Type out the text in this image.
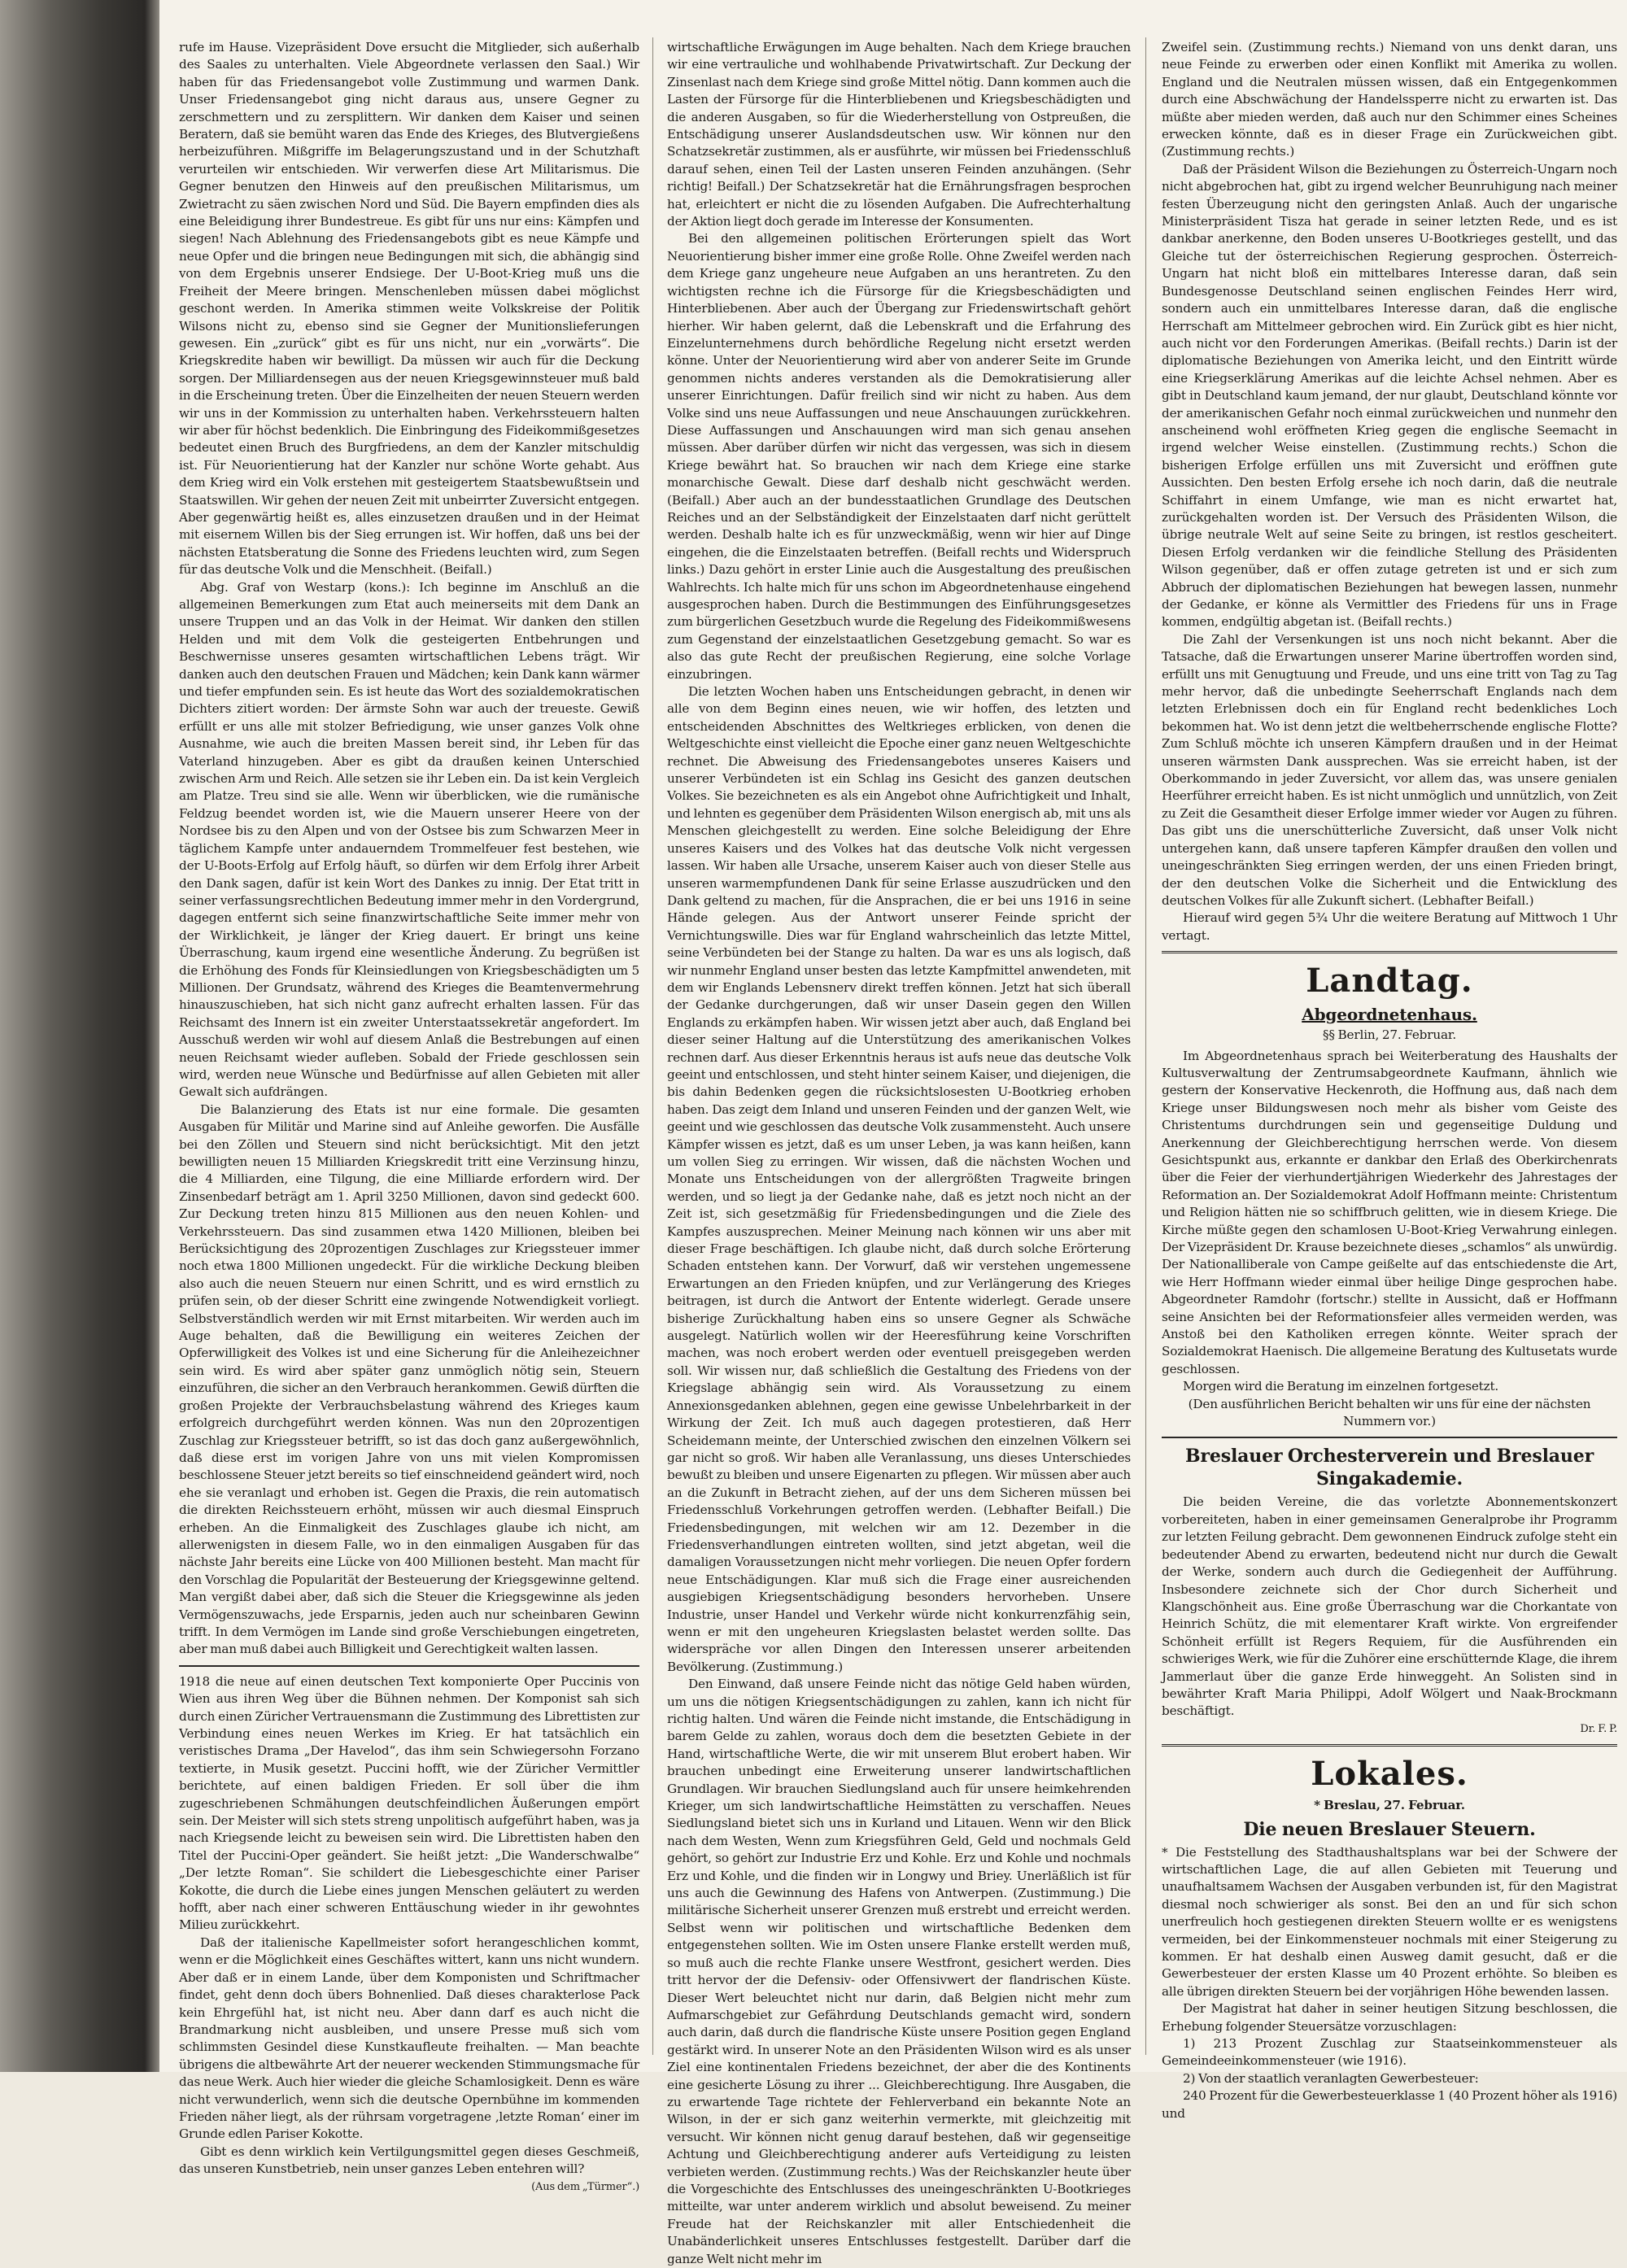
rufe im Hause. Vizepräsident Dove ersucht die Mitglieder, sich außerhalb des Saales zu unterhalten. Viele Abgeordnete verlassen den Saal.) Wir haben für das Friedensangebot volle Zustimmung und warmen Dank. Unser Friedensangebot ging nicht daraus aus, unsere Gegner zu zerschmettern und zu zersplittern. Wir danken dem Kaiser und seinen Beratern, daß sie bemüht waren das Ende des Krieges, des Blutvergießens herbeizuführen. Mißgriffe im Belagerungszustand und in der Schutzhaft verurteilen wir entschieden. Wir verwerfen diese Art Militarismus. Die Gegner benutzen den Hinweis auf den preußischen Militarismus, um Zwietracht zu säen zwischen Nord und Süd. Die Bayern empfinden dies als eine Beleidigung ihrer Bundestreue. Es gibt für uns nur eins: Kämpfen und siegen! Nach Ablehnung des Friedensangebots gibt es neue Kämpfe und neue Opfer und die bringen neue Bedingungen mit sich, die abhängig sind von dem Ergebnis unserer Endsiege. Der U-Boot-Krieg muß uns die Freiheit der Meere bringen. Menschenleben müssen dabei möglichst geschont werden. In Amerika stimmen weite Volkskreise der Politik Wilsons nicht zu, ebenso sind sie Gegner der Munitionslieferungen gewesen. Ein „zurück“ gibt es für uns nicht, nur ein „vorwärts“. Die Kriegskredite haben wir bewilligt. Da müssen wir auch für die Deckung sorgen. Der Milliardensegen aus der neuen Kriegsgewinnsteuer muß bald in die Erscheinung treten. Über die Einzelheiten der neuen Steuern werden wir uns in der Kommission zu unterhalten haben. Verkehrssteuern halten wir aber für höchst bedenklich. Die Einbringung des Fideikommißgesetzes bedeutet einen Bruch des Burgfriedens, an dem der Kanzler mitschuldig ist. Für Neuorientierung hat der Kanzler nur schöne Worte gehabt. Aus dem Krieg wird ein Volk erstehen mit gesteigertem Staatsbewußtsein und Staatswillen. Wir gehen der neuen Zeit mit unbeirrter Zuversicht entgegen. Aber gegenwärtig heißt es, alles einzusetzen draußen und in der Heimat mit eisernem Willen bis der Sieg errungen ist. Wir hoffen, daß uns bei der nächsten Etatsberatung die Sonne des Friedens leuchten wird, zum Segen für das deutsche Volk und die Menschheit. (Beifall.)

Abg. Graf von Westarp (kons.): Ich beginne im Anschluß an die allgemeinen Bemerkungen zum Etat auch meinerseits mit dem Dank an unsere Truppen und an das Volk in der Heimat. Wir danken den stillen Helden und mit dem Volk die gesteigerten Entbehrungen und Beschwernisse unseres gesamten wirtschaftlichen Lebens trägt. Wir danken auch den deutschen Frauen und Mädchen; kein Dank kann wärmer und tiefer empfunden sein. Es ist heute das Wort des sozialdemokratischen Dichters zitiert worden: Der ärmste Sohn war auch der treueste. Gewiß erfüllt er uns alle mit stolzer Befriedigung, wie unser ganzes Volk ohne Ausnahme, wie auch die breiten Massen bereit sind, ihr Leben für das Vaterland hinzugeben. Aber es gibt da draußen keinen Unterschied zwischen Arm und Reich. Alle setzen sie ihr Leben ein. Da ist kein Vergleich am Platze. Treu sind sie alle. Wenn wir überblicken, wie die rumänische Feldzug beendet worden ist, wie die Mauern unserer Heere von der Nordsee bis zu den Alpen und von der Ostsee bis zum Schwarzen Meer in täglichem Kampfe unter andauerndem Trommelfeuer fest bestehen, wie der U-Boots-Erfolg auf Erfolg häuft, so dürfen wir dem Erfolg ihrer Arbeit den Dank sagen, dafür ist kein Wort des Dankes zu innig. Der Etat tritt in seiner verfassungsrechtlichen Bedeutung immer mehr in den Vordergrund, dagegen entfernt sich seine finanzwirtschaftliche Seite immer mehr von der Wirklichkeit, je länger der Krieg dauert. Er bringt uns keine Überraschung, kaum irgend eine wesentliche Änderung. Zu begrüßen ist die Erhöhung des Fonds für Kleinsiedlungen von Kriegsbeschädigten um 5 Millionen. Der Grundsatz, während des Krieges die Beamtenvermehrung hinauszuschieben, hat sich nicht ganz aufrecht erhalten lassen. Für das Reichsamt des Innern ist ein zweiter Unterstaatssekretär angefordert. Im Ausschuß werden wir wohl auf diesem Anlaß die Bestrebungen auf einen neuen Reichsamt wieder aufleben. Sobald der Friede geschlossen sein wird, werden neue Wünsche und Bedürfnisse auf allen Gebieten mit aller Gewalt sich aufdrängen.

Die Balanzierung des Etats ist nur eine formale. Die gesamten Ausgaben für Militär und Marine sind auf Anleihe geworfen. Die Ausfälle bei den Zöllen und Steuern sind nicht berücksichtigt. Mit den jetzt bewilligten neuen 15 Milliarden Kriegskredit tritt eine Verzinsung hinzu, die 4 Milliarden, eine Tilgung, die eine Milliarde erfordern wird. Der Zinsenbedarf beträgt am 1. April 3250 Millionen, davon sind gedeckt 600. Zur Deckung treten hinzu 815 Millionen aus den neuen Kohlen- und Verkehrssteuern. Das sind zusammen etwa 1420 Millionen, bleiben bei Berücksichtigung des 20prozentigen Zuschlages zur Kriegssteuer immer noch etwa 1800 Millionen ungedeckt. Für die wirkliche Deckung bleiben also auch die neuen Steuern nur einen Schritt, und es wird ernstlich zu prüfen sein, ob der dieser Schritt eine zwingende Notwendigkeit vorliegt. Selbstverständlich werden wir mit Ernst mitarbeiten. Wir werden auch im Auge behalten, daß die Bewilligung ein weiteres Zeichen der Opferwilligkeit des Volkes ist und eine Sicherung für die Anleihezeichner sein wird. Es wird aber später ganz unmöglich nötig sein, Steuern einzuführen, die sicher an den Verbrauch herankommen. Gewiß dürften die großen Projekte der Verbrauchsbelastung während des Krieges kaum erfolgreich durchgeführt werden können. Was nun den 20prozentigen Zuschlag zur Kriegssteuer betrifft, so ist das doch ganz außergewöhnlich, daß diese erst im vorigen Jahre von uns mit vielen Kompromissen beschlossene Steuer jetzt bereits so tief einschneidend geändert wird, noch ehe sie veranlagt und erhoben ist. Gegen die Praxis, die rein automatisch die direkten Reichssteuern erhöht, müssen wir auch diesmal Einspruch erheben. An die Einmaligkeit des Zuschlages glaube ich nicht, am allerwenigsten in diesem Falle, wo in den einmaligen Ausgaben für das nächste Jahr bereits eine Lücke von 400 Millionen besteht. Man macht für den Vorschlag die Popularität der Besteuerung der Kriegsgewinne geltend. Man vergißt dabei aber, daß sich die Steuer die Kriegsgewinne als jeden Vermögenszuwachs, jede Ersparnis, jeden auch nur scheinbaren Gewinn trifft. In dem Vermögen im Lande sind große Verschiebungen eingetreten, aber man muß dabei auch Billigkeit und Gerechtigkeit walten lassen.

1918 die neue auf einen deutschen Text komponierte Oper Puccinis von Wien aus ihren Weg über die Bühnen nehmen. Der Komponist sah sich durch einen Züricher Vertrauensmann die Zustimmung des Librettisten zur Verbindung eines neuen Werkes im Krieg. Er hat tatsächlich ein veristisches Drama „Der Havelod“, das ihm sein Schwiegersohn Forzano textierte, in Musik gesetzt. Puccini hofft, wie der Züricher Vermittler berichtete, auf einen baldigen Frieden. Er soll über die ihm zugeschriebenen Schmähungen deutschfeindlichen Äußerungen empört sein. Der Meister will sich stets streng unpolitisch aufgeführt haben, was ja nach Kriegsende leicht zu beweisen sein wird. Die Librettisten haben den Titel der Puccini-Oper geändert. Sie heißt jetzt: „Die Wanderschwalbe“ „Der letzte Roman“. Sie schildert die Liebesgeschichte einer Pariser Kokotte, die durch die Liebe eines jungen Menschen geläutert zu werden hofft, aber nach einer schweren Enttäuschung wieder in ihr gewohntes Milieu zurückkehrt.

Daß der italienische Kapellmeister sofort herangeschlichen kommt, wenn er die Möglichkeit eines Geschäftes wittert, kann uns nicht wundern. Aber daß er in einem Lande, über dem Komponisten und Schriftmacher findet, geht denn doch übers Bohnenlied. Daß dieses charakterlose Pack kein Ehrgefühl hat, ist nicht neu. Aber dann darf es auch nicht die Brandmarkung nicht ausbleiben, und unsere Presse muß sich vom schlimmsten Gesindel diese Kunstkaufleute freihalten. — Man beachte übrigens die altbewährte Art der neuerer weckenden Stimmungsmache für das neue Werk. Auch hier wieder die gleiche Schamlosigkeit. Denn es wäre nicht verwunderlich, wenn sich die deutsche Opernbühne im kommenden Frieden näher liegt, als der rührsam vorgetragene ‚letzte Roman‘ einer im Grunde edlen Pariser Kokotte.

Gibt es denn wirklich kein Vertilgungsmittel gegen dieses Geschmeiß, das unseren Kunstbetrieb, nein unser ganzes Leben entehren will?

(Aus dem „Türmer“.)

wirtschaftliche Erwägungen im Auge behalten. Nach dem Kriege brauchen wir eine vertrauliche und wohlhabende Privatwirtschaft. Zur Deckung der Zinsenlast nach dem Kriege sind große Mittel nötig. Dann kommen auch die Lasten der Fürsorge für die Hinterbliebenen und Kriegsbeschädigten und die anderen Ausgaben, so für die Wiederherstellung von Ostpreußen, die Entschädigung unserer Auslandsdeutschen usw. Wir können nur den Schatzsekretär zustimmen, als er ausführte, wir müssen bei Friedensschluß darauf sehen, einen Teil der Lasten unseren Feinden anzuhängen. (Sehr richtig! Beifall.) Der Schatzsekretär hat die Ernährungsfragen besprochen hat, erleichtert er nicht die zu lösenden Aufgaben. Die Aufrechterhaltung der Aktion liegt doch gerade im Interesse der Konsumenten.

Bei den allgemeinen politischen Erörterungen spielt das Wort Neuorientierung bisher immer eine große Rolle. Ohne Zweifel werden nach dem Kriege ganz ungeheure neue Aufgaben an uns herantreten. Zu den wichtigsten rechne ich die Fürsorge für die Kriegsbeschädigten und Hinterbliebenen. Aber auch der Übergang zur Friedenswirtschaft gehört hierher. Wir haben gelernt, daß die Lebenskraft und die Erfahrung des Einzelunternehmens durch behördliche Regelung nicht ersetzt werden könne. Unter der Neuorientierung wird aber von anderer Seite im Grunde genommen nichts anderes verstanden als die Demokratisierung aller unserer Einrichtungen. Dafür freilich sind wir nicht zu haben. Aus dem Volke sind uns neue Auffassungen und neue Anschauungen zurückkehren. Diese Auffassungen und Anschauungen wird man sich genau ansehen müssen. Aber darüber dürfen wir nicht das vergessen, was sich in diesem Kriege bewährt hat. So brauchen wir nach dem Kriege eine starke monarchische Gewalt. Diese darf deshalb nicht geschwächt werden. (Beifall.) Aber auch an der bundesstaatlichen Grundlage des Deutschen Reiches und an der Selbständigkeit der Einzelstaaten darf nicht gerüttelt werden. Deshalb halte ich es für unzweckmäßig, wenn wir hier auf Dinge eingehen, die die Einzelstaaten betreffen. (Beifall rechts und Widerspruch links.) Dazu gehört in erster Linie auch die Ausgestaltung des preußischen Wahlrechts. Ich halte mich für uns schon im Abgeordnetenhause eingehend ausgesprochen haben. Durch die Bestimmungen des Einführungsgesetzes zum bürgerlichen Gesetzbuch wurde die Regelung des Fideikommißwesens zum Gegenstand der einzelstaatlichen Gesetzgebung gemacht. So war es also das gute Recht der preußischen Regierung, eine solche Vorlage einzubringen.

Die letzten Wochen haben uns Entscheidungen gebracht, in denen wir alle von dem Beginn eines neuen, wie wir hoffen, des letzten und entscheidenden Abschnittes des Weltkrieges erblicken, von denen die Weltgeschichte einst vielleicht die Epoche einer ganz neuen Weltgeschichte rechnet. Die Abweisung des Friedensangebotes unseres Kaisers und unserer Verbündeten ist ein Schlag ins Gesicht des ganzen deutschen Volkes. Sie bezeichneten es als ein Angebot ohne Aufrichtigkeit und Inhalt, und lehnten es gegenüber dem Präsidenten Wilson energisch ab, mit uns als Menschen gleichgestellt zu werden. Eine solche Beleidigung der Ehre unseres Kaisers und des Volkes hat das deutsche Volk nicht vergessen lassen. Wir haben alle Ursache, unserem Kaiser auch von dieser Stelle aus unseren warmempfundenen Dank für seine Erlasse auszudrücken und den Dank geltend zu machen, für die Ansprachen, die er bei uns 1916 in seine Hände gelegen. Aus der Antwort unserer Feinde spricht der Vernichtungswille. Dies war für England wahrscheinlich das letzte Mittel, seine Verbündeten bei der Stange zu halten. Da war es uns als logisch, daß wir nunmehr England unser besten das letzte Kampfmittel anwendeten, mit dem wir Englands Lebensnerv direkt treffen können. Jetzt hat sich überall der Gedanke durchgerungen, daß wir unser Dasein gegen den Willen Englands zu erkämpfen haben. Wir wissen jetzt aber auch, daß England bei dieser seiner Haltung auf die Unterstützung des amerikanischen Volkes rechnen darf. Aus dieser Erkenntnis heraus ist aufs neue das deutsche Volk geeint und entschlossen, und steht hinter seinem Kaiser, und diejenigen, die bis dahin Bedenken gegen die rücksichtslosesten U-Bootkrieg erhoben haben. Das zeigt dem Inland und unseren Feinden und der ganzen Welt, wie geeint und wie geschlossen das deutsche Volk zusammensteht. Auch unsere Kämpfer wissen es jetzt, daß es um unser Leben, ja was kann heißen, kann um vollen Sieg zu erringen. Wir wissen, daß die nächsten Wochen und Monate uns Entscheidungen von der allergrößten Tragweite bringen werden, und so liegt ja der Gedanke nahe, daß es jetzt noch nicht an der Zeit ist, sich gesetzmäßig für Friedensbedingungen und die Ziele des Kampfes auszusprechen. Meiner Meinung nach können wir uns aber mit dieser Frage beschäftigen. Ich glaube nicht, daß durch solche Erörterung Schaden entstehen kann. Der Vorwurf, daß wir verstehen ungemessene Erwartungen an den Frieden knüpfen, und zur Verlängerung des Krieges beitragen, ist durch die Antwort der Entente widerlegt. Gerade unsere bisherige Zurückhaltung haben eins so unsere Gegner als Schwäche ausgelegt. Natürlich wollen wir der Heeresführung keine Vorschriften machen, was noch erobert werden oder eventuell preisgegeben werden soll. Wir wissen nur, daß schließlich die Gestaltung des Friedens von der Kriegslage abhängig sein wird. Als Voraussetzung zu einem Annexionsgedanken ablehnen, gegen eine gewisse Unbelehrbarkeit in der Wirkung der Zeit. Ich muß auch dagegen protestieren, daß Herr Scheidemann meinte, der Unterschied zwischen den einzelnen Völkern sei gar nicht so groß. Wir haben alle Veranlassung, uns dieses Unterschiedes bewußt zu bleiben und unsere Eigenarten zu pflegen. Wir müssen aber auch an die Zukunft in Betracht ziehen, auf der uns dem Sicheren müssen bei Friedensschluß Vorkehrungen getroffen werden. (Lebhafter Beifall.) Die Friedensbedingungen, mit welchen wir am 12. Dezember in die Friedensverhandlungen eintreten wollten, sind jetzt abgetan, weil die damaligen Voraussetzungen nicht mehr vorliegen. Die neuen Opfer fordern neue Entschädigungen. Klar muß sich die Frage einer ausreichenden ausgiebigen Kriegsentschädigung besonders hervorheben. Unsere Industrie, unser Handel und Verkehr würde nicht konkurrenzfähig sein, wenn er mit den ungeheuren Kriegslasten belastet werden sollte. Das widerspräche vor allen Dingen den Interessen unserer arbeitenden Bevölkerung. (Zustimmung.)

Den Einwand, daß unsere Feinde nicht das nötige Geld haben würden, um uns die nötigen Kriegsentschädigungen zu zahlen, kann ich nicht für richtig halten. Und wären die Feinde nicht imstande, die Entschädigung in barem Gelde zu zahlen, woraus doch dem die besetzten Gebiete in der Hand, wirtschaftliche Werte, die wir mit unserem Blut erobert haben. Wir brauchen unbedingt eine Erweiterung unserer landwirtschaftlichen Grundlagen. Wir brauchen Siedlungsland auch für unsere heimkehrenden Krieger, um sich landwirtschaftliche Heimstätten zu verschaffen. Neues Siedlungsland bietet sich uns in Kurland und Litauen. Wenn wir den Blick nach dem Westen, Wenn zum Kriegsführen Geld, Geld und nochmals Geld gehört, so gehört zur Industrie Erz und Kohle. Erz und Kohle und nochmals Erz und Kohle, und die finden wir in Longwy und Briey. Unerläßlich ist für uns auch die Gewinnung des Hafens von Antwerpen. (Zustimmung.) Die militärische Sicherheit unserer Grenzen muß erstrebt und erreicht werden. Selbst wenn wir politischen und wirtschaftliche Bedenken dem entgegenstehen sollten. Wie im Osten unsere Flanke erstellt werden muß, so muß auch die rechte Flanke unsere Westfront, gesichert werden. Dies tritt hervor der die Defensiv- oder Offensivwert der flandrischen Küste. Dieser Wert beleuchtet nicht nur darin, daß Belgien nicht mehr zum Aufmarschgebiet zur Gefährdung Deutschlands gemacht wird, sondern auch darin, daß durch die flandrische Küste unsere Position gegen England gestärkt wird. In unserer Note an den Präsidenten Wilson wird es als unser Ziel eine kontinentalen Friedens bezeichnet, der aber die des Kontinents eine gesicherte Lösung zu ihrer ... Gleichberechtigung. Ihre Ausgaben, die zu erwartende Tage richtete der Fehlerverband ein bekannte Note an Wilson, in der er sich ganz weiterhin vermerkte, mit gleichzeitig mit versucht. Wir können nicht genug darauf bestehen, daß wir gegenseitige Achtung und Gleichberechtigung anderer aufs Verteidigung zu leisten verbieten werden. (Zustimmung rechts.) Was der Reichskanzler heute über die Vorgeschichte des Entschlusses des uneingeschränkten U-Bootkrieges mitteilte, war unter anderem wirklich und absolut beweisend. Zu meiner Freude hat der Reichskanzler mit aller Entschiedenheit die Unabänderlichkeit unseres Entschlusses festgestellt. Darüber darf die ganze Welt nicht mehr im

Zweifel sein. (Zustimmung rechts.) Niemand von uns denkt daran, uns neue Feinde zu erwerben oder einen Konflikt mit Amerika zu wollen. England und die Neutralen müssen wissen, daß ein Entgegenkommen durch eine Abschwächung der Handelssperre nicht zu erwarten ist. Das müßte aber mieden werden, daß auch nur den Schimmer eines Scheines erwecken könnte, daß es in dieser Frage ein Zurückweichen gibt. (Zustimmung rechts.)

Daß der Präsident Wilson die Beziehungen zu Österreich-Ungarn noch nicht abgebrochen hat, gibt zu irgend welcher Beunruhigung nach meiner festen Überzeugung nicht den geringsten Anlaß. Auch der ungarische Ministerpräsident Tisza hat gerade in seiner letzten Rede, und es ist dankbar anerkenne, den Boden unseres U-Bootkrieges gestellt, und das Gleiche tut der österreichischen Regierung gesprochen. Österreich-Ungarn hat nicht bloß ein mittelbares Interesse daran, daß sein Bundesgenosse Deutschland seinen englischen Feindes Herr wird, sondern auch ein unmittelbares Interesse daran, daß die englische Herrschaft am Mittelmeer gebrochen wird. Ein Zurück gibt es hier nicht, auch nicht vor den Forderungen Amerikas. (Beifall rechts.) Darin ist der diplomatische Beziehungen von Amerika leicht, und den Eintritt würde eine Kriegserklärung Amerikas auf die leichte Achsel nehmen. Aber es gibt in Deutschland kaum jemand, der nur glaubt, Deutschland könnte vor der amerikanischen Gefahr noch einmal zurückweichen und nunmehr den anscheinend wohl eröffneten Krieg gegen die englische Seemacht in irgend welcher Weise einstellen. (Zustimmung rechts.) Schon die bisherigen Erfolge erfüllen uns mit Zuversicht und eröffnen gute Aussichten. Den besten Erfolg ersehe ich noch darin, daß die neutrale Schiffahrt in einem Umfange, wie man es nicht erwartet hat, zurückgehalten worden ist. Der Versuch des Präsidenten Wilson, die übrige neutrale Welt auf seine Seite zu bringen, ist restlos gescheitert. Diesen Erfolg verdanken wir die feindliche Stellung des Präsidenten Wilson gegenüber, daß er offen zutage getreten ist und er sich zum Abbruch der diplomatischen Beziehungen hat bewegen lassen, nunmehr der Gedanke, er könne als Vermittler des Friedens für uns in Frage kommen, endgültig abgetan ist. (Beifall rechts.)

Die Zahl der Versenkungen ist uns noch nicht bekannt. Aber die Tatsache, daß die Erwartungen unserer Marine übertroffen worden sind, erfüllt uns mit Genugtuung und Freude, und uns eine tritt von Tag zu Tag mehr hervor, daß die unbedingte Seeherrschaft Englands nach dem letzten Erlebnissen doch ein für England recht bedenkliches Loch bekommen hat. Wo ist denn jetzt die weltbeherrschende englische Flotte? Zum Schluß möchte ich unseren Kämpfern draußen und in der Heimat unseren wärmsten Dank aussprechen. Was sie erreicht haben, ist der Oberkommando in jeder Zuversicht, vor allem das, was unsere genialen Heerführer erreicht haben. Es ist nicht unmöglich und unnützlich, von Zeit zu Zeit die Gesamtheit dieser Erfolge immer wieder vor Augen zu führen. Das gibt uns die unerschütterliche Zuversicht, daß unser Volk nicht untergehen kann, daß unsere tapferen Kämpfer draußen den vollen und uneingeschränkten Sieg erringen werden, der uns einen Frieden bringt, der den deutschen Volke die Sicherheit und die Entwicklung des deutschen Volkes für alle Zukunft sichert. (Lebhafter Beifall.)

Hierauf wird gegen 5¾ Uhr die weitere Beratung auf Mittwoch 1 Uhr vertagt.

Landtag.
Abgeordnetenhaus.
§§ Berlin, 27. Februar.

Im Abgeordnetenhaus sprach bei Weiterberatung des Haushalts der Kultusverwaltung der Zentrumsabgeordnete Kaufmann, ähnlich wie gestern der Konservative Heckenroth, die Hoffnung aus, daß nach dem Kriege unser Bildungswesen noch mehr als bisher vom Geiste des Christentums durchdrungen sein und gegenseitige Duldung und Anerkennung der Gleichberechtigung herrschen werde. Von diesem Gesichtspunkt aus, erkannte er dankbar den Erlaß des Oberkirchenrats über die Feier der vierhundertjährigen Wiederkehr des Jahrestages der Reformation an. Der Sozialdemokrat Adolf Hoffmann meinte: Christentum und Religion hätten nie so schiffbruch gelitten, wie in diesem Kriege. Die Kirche müßte gegen den schamlosen U-Boot-Krieg Verwahrung einlegen. Der Vizepräsident Dr. Krause bezeichnete dieses „schamlos“ als unwürdig. Der Nationalliberale von Campe geißelte auf das entschiedenste die Art, wie Herr Hoffmann wieder einmal über heilige Dinge gesprochen habe. Abgeordneter Ramdohr (fortschr.) stellte in Aussicht, daß er Hoffmann seine Ansichten bei der Reformationsfeier alles vermeiden werden, was Anstoß bei den Katholiken erregen könnte. Weiter sprach der Sozialdemokrat Haenisch. Die allgemeine Beratung des Kultusetats wurde geschlossen.

Morgen wird die Beratung im einzelnen fortgesetzt.

(Den ausführlichen Bericht behalten wir uns für eine der nächsten Nummern vor.)

Breslauer Orchesterverein und Breslauer Singakademie.

Die beiden Vereine, die das vorletzte Abonnementskonzert vorbereiteten, haben in einer gemeinsamen Generalprobe ihr Programm zur letzten Feilung gebracht. Dem gewonnenen Eindruck zufolge steht ein bedeutender Abend zu erwarten, bedeutend nicht nur durch die Gewalt der Werke, sondern auch durch die Gediegenheit der Aufführung. Insbesondere zeichnete sich der Chor durch Sicherheit und Klangschönheit aus. Eine große Überraschung war die Chorkantate von Heinrich Schütz, die mit elementarer Kraft wirkte. Von ergreifender Schönheit erfüllt ist Regers Requiem, für die Ausführenden ein schwieriges Werk, wie für die Zuhörer eine erschütternde Klage, die ihrem Jammerlaut über die ganze Erde hinweggeht. An Solisten sind in bewährter Kraft Maria Philippi, Adolf Wölgert und Naak-Brockmann beschäftigt.

Dr. F. P.

Lokales.
* Breslau, 27. Februar.
Die neuen Breslauer Steuern.

* Die Feststellung des Stadthaushaltsplans war bei der Schwere der wirtschaftlichen Lage, die auf allen Gebieten mit Teuerung und unaufhaltsamem Wachsen der Ausgaben verbunden ist, für den Magistrat diesmal noch schwieriger als sonst. Bei den an und für sich schon unerfreulich hoch gestiegenen direkten Steuern wollte er es wenigstens vermeiden, bei der Einkommensteuer nochmals mit einer Steigerung zu kommen. Er hat deshalb einen Ausweg damit gesucht, daß er die Gewerbesteuer der ersten Klasse um 40 Prozent erhöhte. So bleiben es alle übrigen direkten Steuern bei der vorjährigen Höhe bewenden lassen.

Der Magistrat hat daher in seiner heutigen Sitzung beschlossen, die Erhebung folgender Steuersätze vorzuschlagen:

1) 213 Prozent Zuschlag zur Staatseinkommensteuer als Gemeindeeinkommensteuer (wie 1916).

2) Von der staatlich veranlagten Gewerbesteuer:

240 Prozent für die Gewerbesteuerklasse 1 (40 Prozent höher als 1916) und
